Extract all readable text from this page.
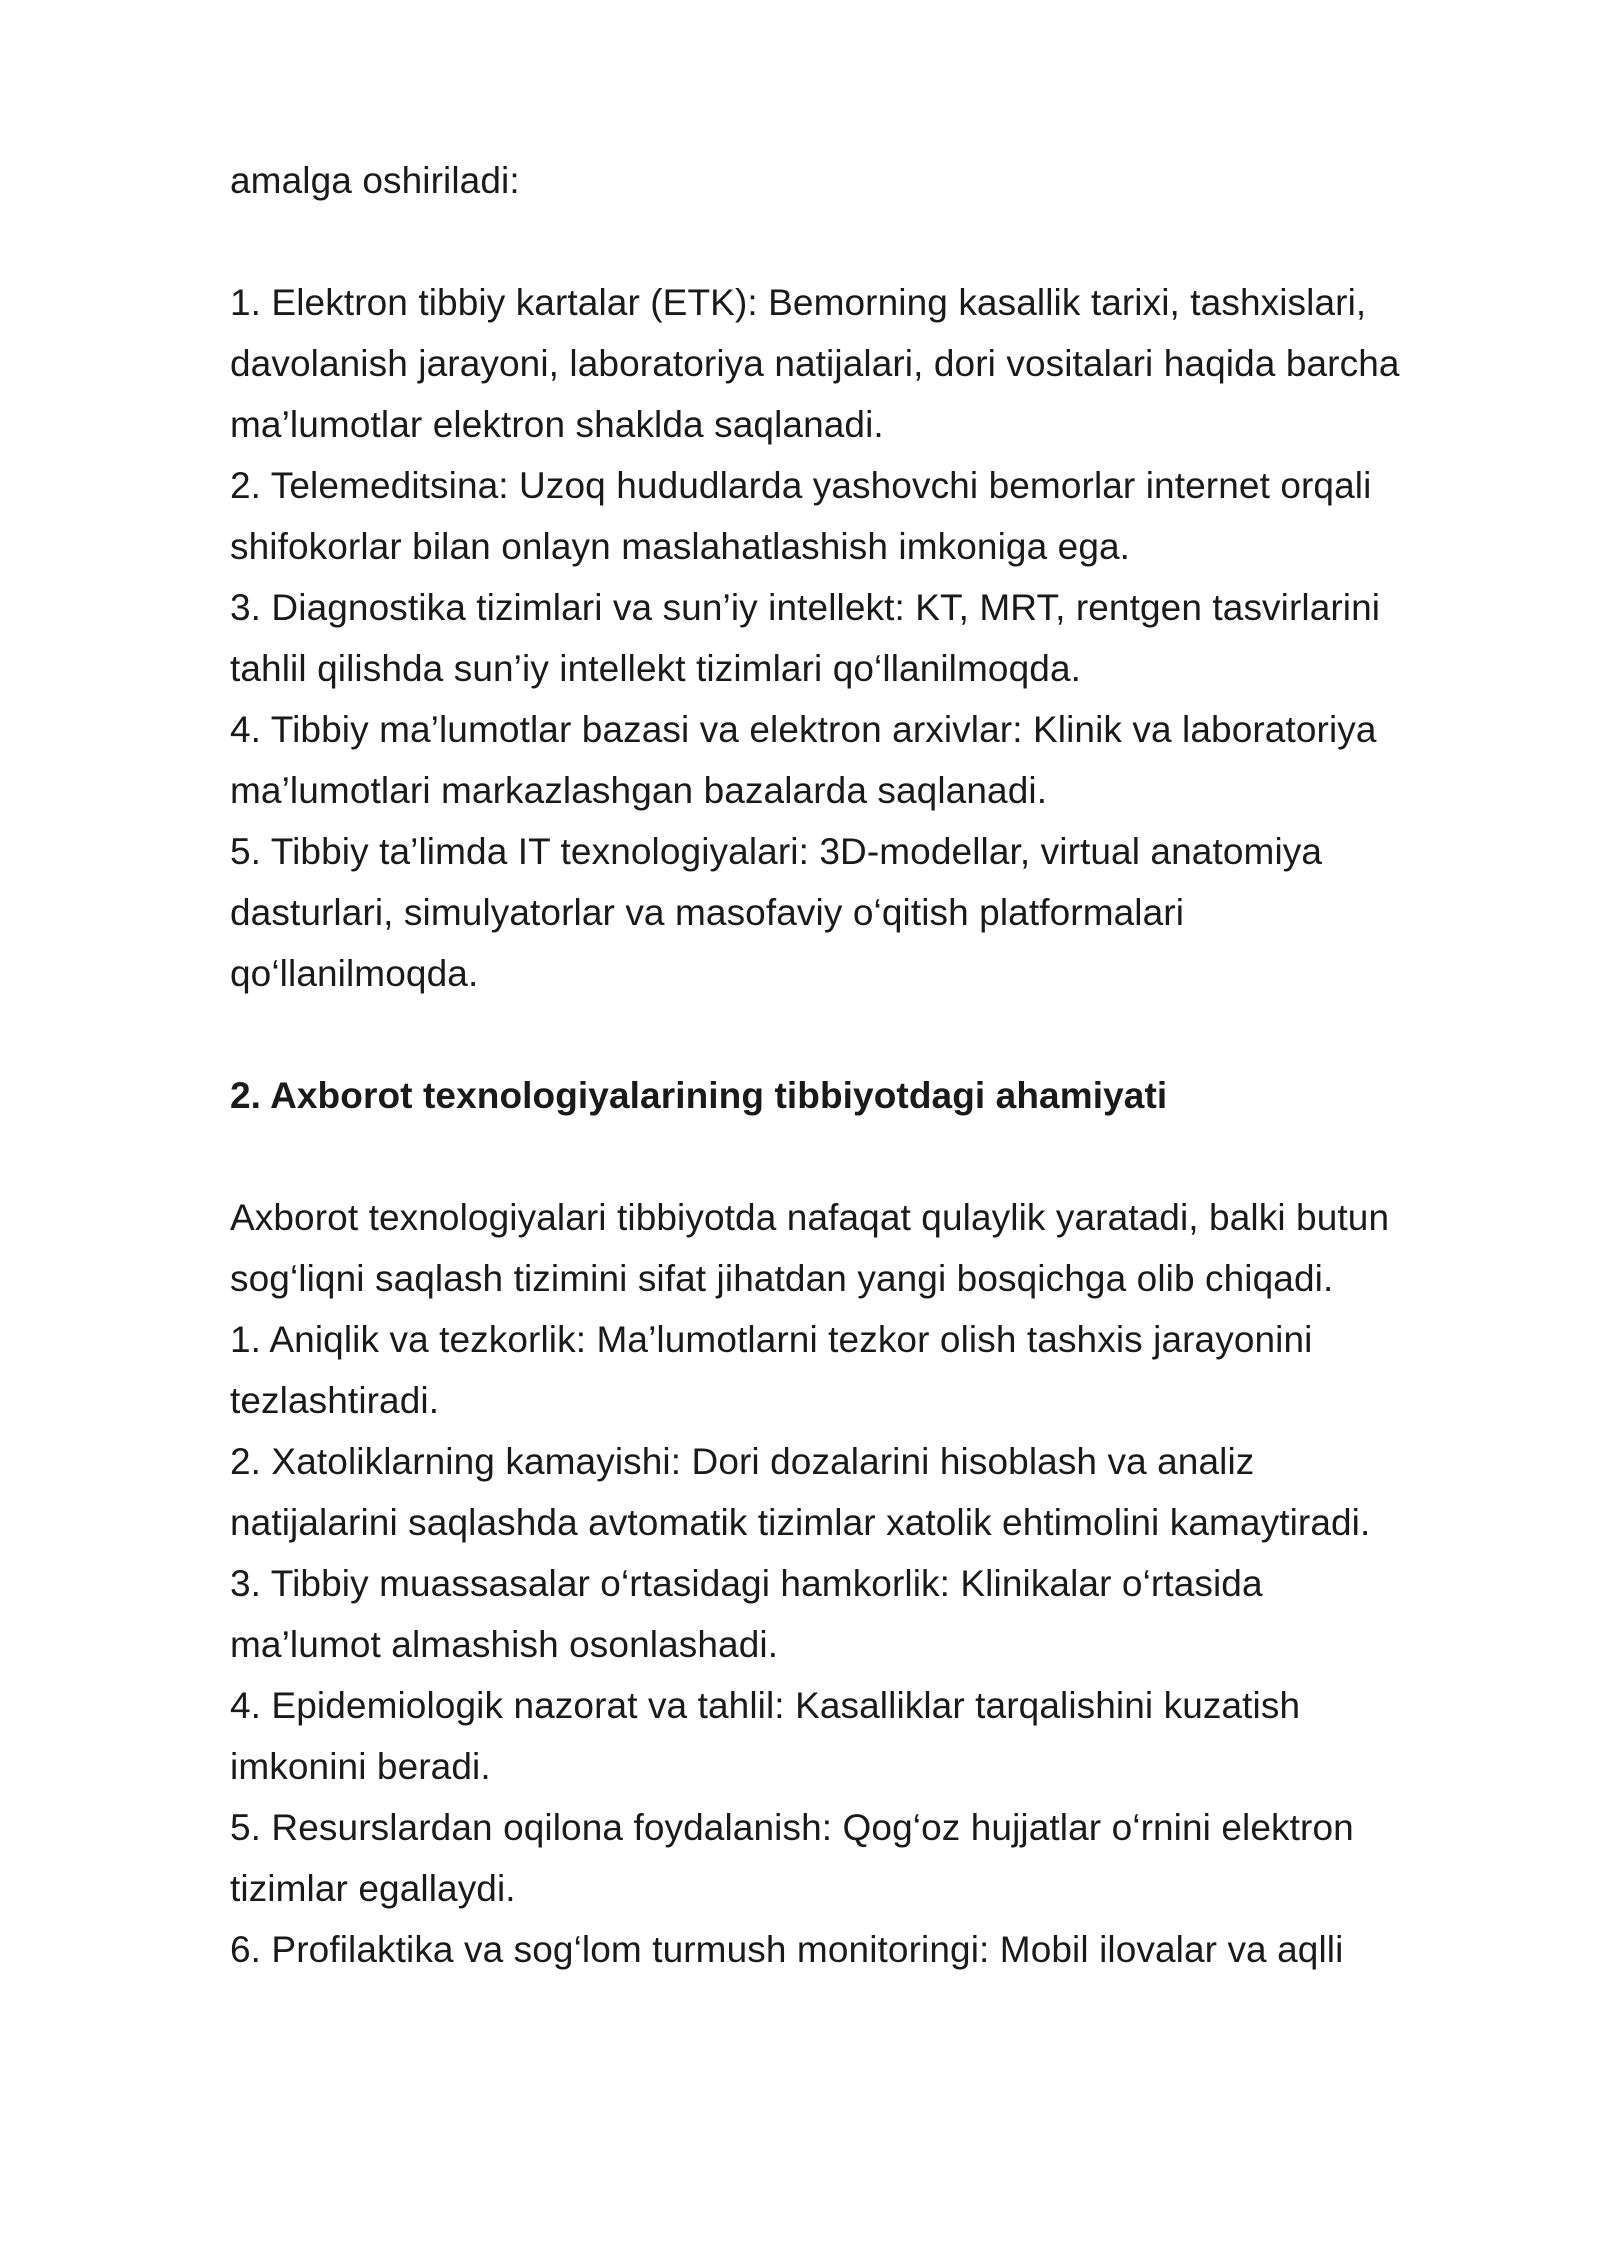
amalga oshiriladi:
1. Elektron tibbiy kartalar (ETK): Bemorning kasallik tarixi, tashxislari,
davolanish jarayoni, laboratoriya natijalari, dori vositalari haqida barcha
ma’lumotlar elektron shaklda saqlanadi.
2. Telemeditsina: Uzoq hududlarda yashovchi bemorlar internet orqali
shifokorlar bilan onlayn maslahatlashish imkoniga ega.
3. Diagnostika tizimlari va sun’iy intellekt: KT, MRT, rentgen tasvirlarini
tahlil qilishda sun’iy intellekt tizimlari qo‘llanilmoqda.
4. Tibbiy ma’lumotlar bazasi va elektron arxivlar: Klinik va laboratoriya
ma’lumotlari markazlashgan bazalarda saqlanadi.
5. Tibbiy ta’limda IT texnologiyalari: 3D-modellar, virtual anatomiya
dasturlari, simulyatorlar va masofaviy o‘qitish platformalari
qo‘llanilmoqda.
2. Axborot texnologiyalarining tibbiyotdagi ahamiyati
Axborot texnologiyalari tibbiyotda nafaqat qulaylik yaratadi, balki butun
sog‘liqni saqlash tizimini sifat jihatdan yangi bosqichga olib chiqadi.
1. Aniqlik va tezkorlik: Ma’lumotlarni tezkor olish tashxis jarayonini
tezlashtiradi.
2. Xatoliklarning kamayishi: Dori dozalarini hisoblash va analiz
natijalarini saqlashda avtomatik tizimlar xatolik ehtimolini kamaytiradi.
3. Tibbiy muassasalar o‘rtasidagi hamkorlik: Klinikalar o‘rtasida
ma’lumot almashish osonlashadi.
4. Epidemiologik nazorat va tahlil: Kasalliklar tarqalishini kuzatish
imkonini beradi.
5. Resurslardan oqilona foydalanish: Qog‘oz hujjatlar o‘rnini elektron
tizimlar egallaydi.
6. Profilaktika va sog‘lom turmush monitoringi: Mobil ilovalar va aqlli
